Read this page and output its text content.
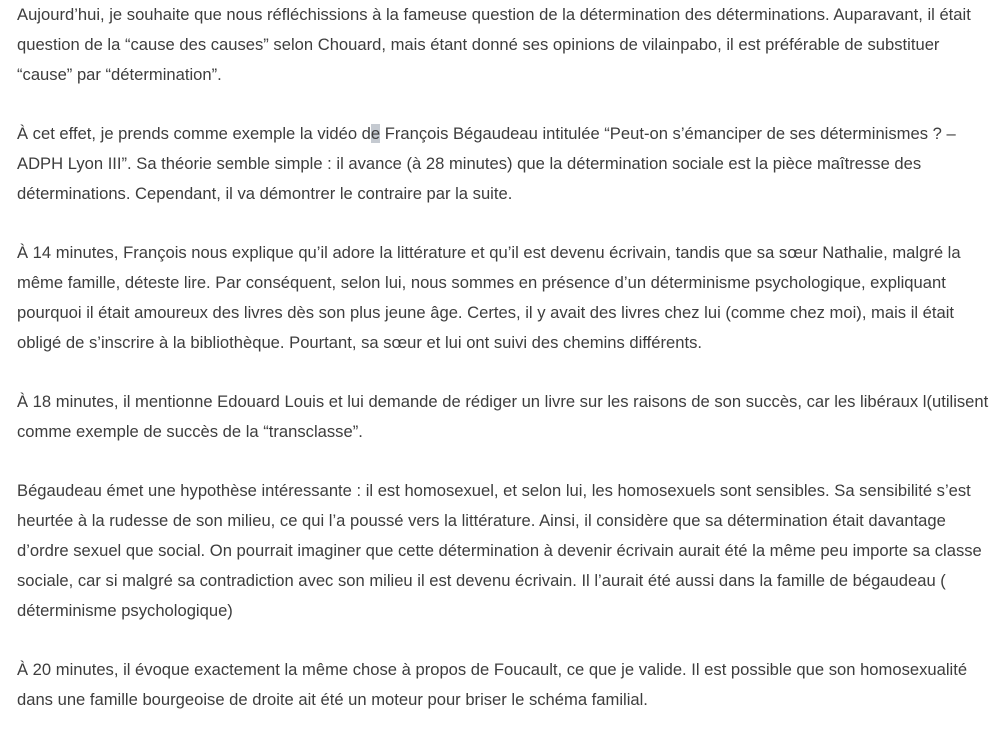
Aujourd’hui, je souhaite que nous réfléchissions à la fameuse question de la détermination des déterminations. Auparavant, il était question de la “cause des causes” selon Chouard, mais étant donné ses opinions de vilainpabo, il est préférable de substituer “cause” par “détermination”.

À cet effet, je prends comme exemple la vidéo de François Bégaudeau intitulée “Peut-on s’émanciper de ses déterminismes ? – ADPH Lyon III”. Sa théorie semble simple : il avance (à 28 minutes) que la détermination sociale est la pièce maîtresse des déterminations. Cependant, il va démontrer le contraire par la suite.

À 14 minutes, François nous explique qu’il adore la littérature et qu’il est devenu écrivain, tandis que sa sœur Nathalie, malgré la même famille, déteste lire. Par conséquent, selon lui, nous sommes en présence d’un déterminisme psychologique, expliquant pourquoi il était amoureux des livres dès son plus jeune âge. Certes, il y avait des livres chez lui (comme chez moi), mais il était obligé de s’inscrire à la bibliothèque. Pourtant, sa sœur et lui ont suivi des chemins différents.

À 18 minutes, il mentionne Edouard Louis et lui demande de rédiger un livre sur les raisons de son succès, car les libéraux l(utilisent comme exemple de succès de la “transclasse”.

Bégaudeau émet une hypothèse intéressante : il est homosexuel, et selon lui, les homosexuels sont sensibles. Sa sensibilité s’est heurtée à la rudesse de son milieu, ce qui l’a poussé vers la littérature. Ainsi, il considère que sa détermination était davantage d’ordre sexuel que social. On pourrait imaginer que cette détermination à devenir écrivain aurait été la même peu importe sa classe sociale, car si malgré sa contradiction avec son milieu il est devenu écrivain. Il l’aurait été aussi dans la famille de bégaudeau ( déterminisme psychologique)

À 20 minutes, il évoque exactement la même chose à propos de Foucault, ce que je valide. Il est possible que son homosexualité dans une famille bourgeoise de droite ait été un moteur pour briser le schéma familial.
